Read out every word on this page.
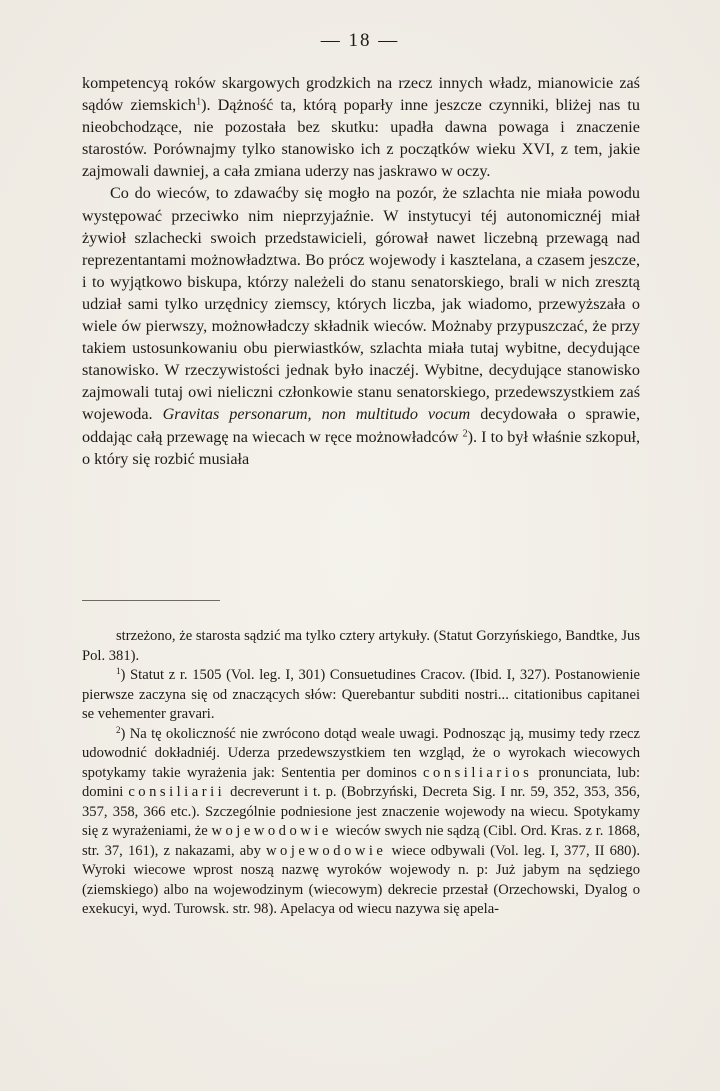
— 18 —

kompetencyą roków skargowych grodzkich na rzecz innych władz, mianowicie zaś sądów ziemskich$^1$). Dążność ta, którą poparły inne jeszcze czynniki, bliżej nas tu nieobchodzące, nie pozostała bez skutku: upadła dawna powaga i znaczenie starostów. Porównajmy tylko stanowisko ich z początków wieku XVI, z tem, jakie zajmowali dawniej, a cała zmiana uderzy nas jaskrawo w oczy.

Co do wieców, to zdawaćby się mogło na pozór, że szlachta nie miała powodu występować przeciwko nim nieprzyjaźnie. W instytucyi téj autonomicznéj miał żywioł szlachecki swoich przedstawicieli, górował nawet liczebną przewagą nad reprezentantami możnowładztwa. Bo prócz wojewody i kasztelana, a czasem jeszcze, i to wyjątkowo biskupa, którzy należeli do stanu senatorskiego, brali w nich zresztą udział sami tylko urzędnicy ziemscy, których liczba, jak wiadomo, przewyższała o wiele ów pierwszy, możnowładczy składnik wieców. Możnaby przypuszczać, że przy takiem ustosunkowaniu obu pierwiastków, szlachta miała tutaj wybitne, decydujące stanowisko. W rzeczywistości jednak było inaczéj. Wybitne, decydujące stanowisko zajmowali tutaj owi nieliczni członkowie stanu senatorskiego, przedewszystkiem zaś wojewoda. Gravitas personarum, non multitudo vocum decydowała o sprawie, oddając całą przewagę na wiecach w ręce możnowładców $^2$). I to był właśnie szkopuł, o który się rozbić musiała

strzeżono, że starosta sądzić ma tylko cztery artykuły. (Statut Gorzyńskiego, Bandtke, Jus Pol. 381).

$^1$) Statut z r. 1505 (Vol. leg. I, 301) Consuetudines Cracov. (Ibid. I, 327). Postanowienie pierwsze zaczyna się od znaczących słów: Querebantur subditi nostri... citationibus capitanei se vehementer gravari.

$^2$) Na tę okoliczność nie zwrócono dotąd weale uwagi. Podnosząc ją, musimy tedy rzecz udowodnić dokładniéj. Uderza przedewszystkiem ten wzgląd, że o wyrokach wiecowych spotykamy takie wyrażenia jak: Sententia per dominos consiliarios pronunciata, lub: domini consiliarii decreverunt i t. p. (Bobrzyński, Decreta Sig. I nr. 59, 352, 353, 356, 357, 358, 366 etc.). Szczególnie podniesione jest znaczenie wojewody na wiecu. Spotykamy się z wyrażeniami, że wojewodowie wieców swych nie sądzą (Cibl. Ord. Kras. z r. 1868, str. 37, 161), z nakazami, aby wojewodowie wiece odbywali (Vol. leg. I, 377, II 680). Wyroki wiecowe wprost noszą nazwę wyroków wojewody n. p: Już jabym na sędziego (ziemskiego) albo na wojewodzinym (wiecowym) dekrecie przestał (Orzechowski, Dyalog o exekucyi, wyd. Turowsk. str. 98). Apelacya od wiecu nazywa się apela-
